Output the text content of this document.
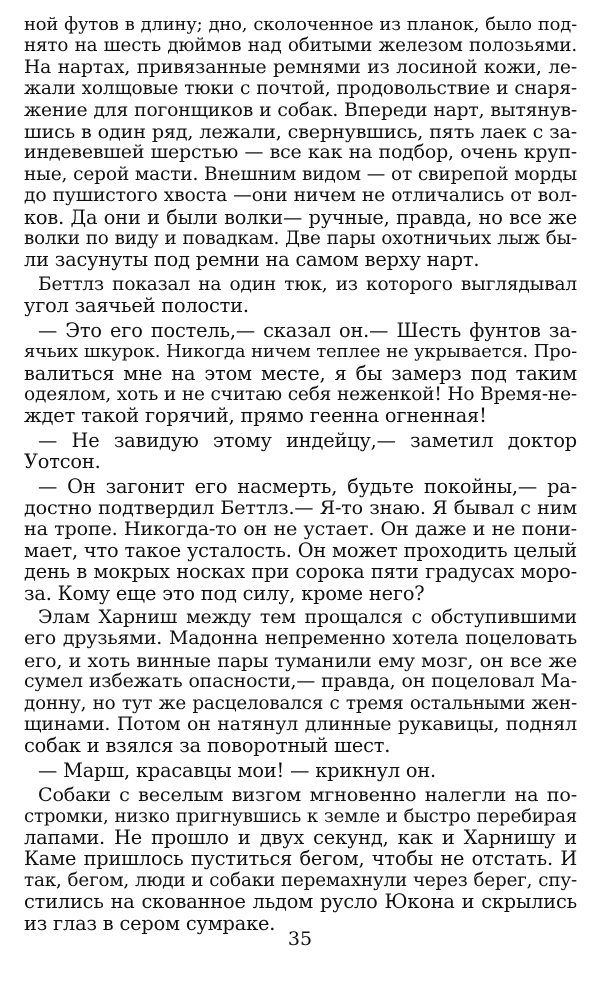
ной футов в длину; дно, сколоченное из планок, было под-
нято на шесть дюймов над обитыми железом полозьями.
На нартах, привязанные ремнями из лосиной кожи, ле-
жали холщовые тюки с почтой, продовольствие и снаря-
жение для погонщиков и собак. Впереди нарт, вытянув-
шись в один ряд, лежали, свернувшись, пять лаек с за-
индевевшей шерстью — все как на подбор, очень круп-
ные, серой масти. Внешним видом — от свирепой морды
до пушистого хвоста —они ничем не отличались от вол-
ков. Да они и были волки— ручные, правда, но все же
волки по виду и повадкам. Две пары охотничьих лыж бы-
ли засунуты под ремни на самом верху нарт.
Беттлз показал на один тюк, из которого выглядывал
угол заячьей полости.
— Это его постель,— сказал он.— Шесть фунтов за-
ячьих шкурок. Никогда ничем теплее не укрывается. Про-
валиться мне на этом месте, я бы замерз под таким
одеялом, хоть и не считаю себя неженкой! Но Время-не-
ждет такой горячий, прямо геенна огненная!
— Не завидую этому индейцу,— заметил доктор
Уотсон.
— Он загонит его насмерть, будьте покойны,— ра-
достно подтвердил Беттлз.— Я-то знаю. Я бывал с ним
на тропе. Никогда-то он не устает. Он даже и не пони-
мает, что такое усталость. Он может проходить целый
день в мокрых носках при сорока пяти градусах моро-
за. Кому еще это под силу, кроме него?
Элам Харниш между тем прощался с обступившими
его друзьями. Мадонна непременно хотела поцеловать
его, и хоть винные пары туманили ему мозг, он все же
сумел избежать опасности,— правда, он поцеловал Ма-
донну, но тут же расцеловался с тремя остальными жен-
щинами. Потом он натянул длинные рукавицы, поднял
собак и взялся за поворотный шест.
— Марш, красавцы мои! — крикнул он.
Собаки с веселым визгом мгновенно налегли на по-
стромки, низко пригнувшись к земле и быстро перебирая
лапами. Не прошло и двух секунд, как и Харнишу и
Каме пришлось пуститься бегом, чтобы не отстать. И
так, бегом, люди и собаки перемахнули через берег, спу-
стились на скованное льдом русло Юкона и скрылись
из глаз в сером сумраке.
35
